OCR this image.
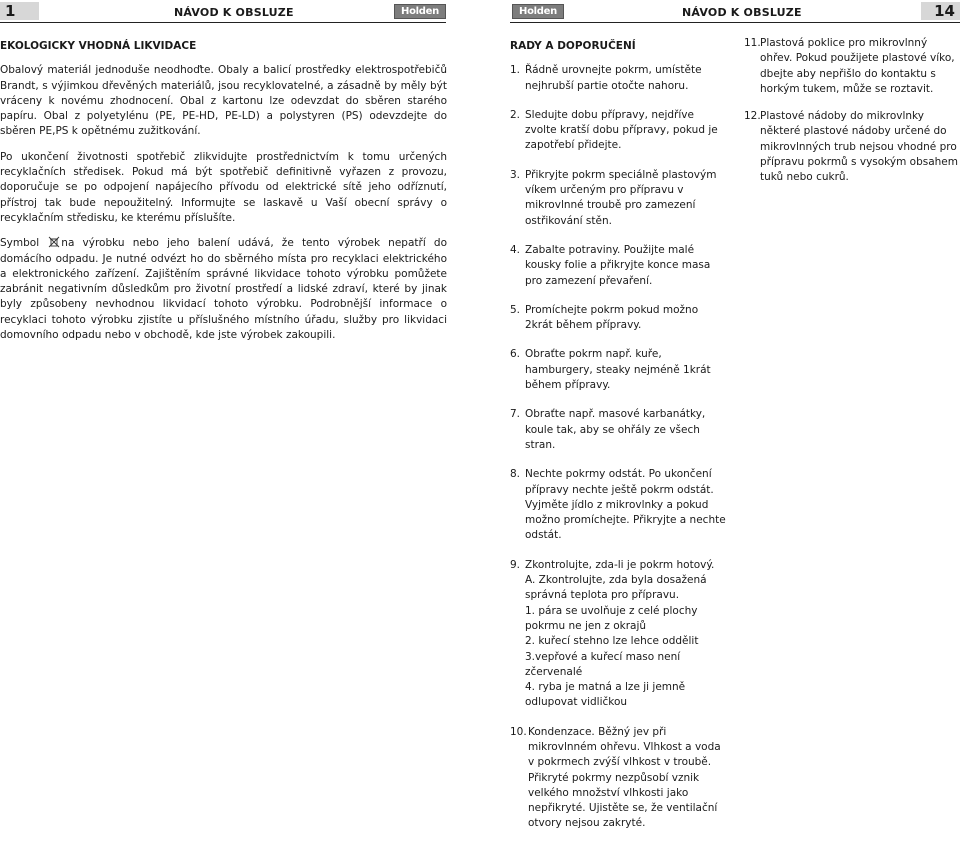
1	NÁVOD K OBSLUZE	Holden	Holden	NÁVOD K OBSLUZE	14

EKOLOGICKY VHODNÁ LIKVIDACE

Obalový materiál jednoduše neodhoďte. Obaly a balicí prostředky elektrospotřebičů Brandt, s výjimkou dřevěných materiálů, jsou recyklovatelné, a zásadně by měly být vráceny k novému zhodnocení. Obal z kartonu lze odevzdat do sběren starého papíru. Obal z polyetylénu (PE, PE-HD, PE-LD) a polystyren (PS) odevzdejte do sběren PE,PS k opětnému zužitkování.

Po ukončení životnosti spotřebič zlikvidujte prostřednictvím k tomu určených recyklačních středisek. Pokud má být spotřebič definitivně vyřazen z provozu, doporučuje se po odpojení napájecího přívodu od elektrické sítě jeho odříznutí, přístroj tak bude nepoužitelný. Informujte se laskavě u Vaší obecní správy o recyklačním středisku, ke kterému příslušíte.

Symbol na výrobku nebo jeho balení udává, že tento výrobek nepatří do domácího odpadu. Je nutné odvézt ho do sběrného místa pro recyklaci elektrického a elektronického zařízení. Zajištěním správné likvidace tohoto výrobku pomůžete zabránit negativním důsledkům pro životní prostředí a lidské zdraví, které by jinak byly způsobeny nevhodnou likvidací tohoto výrobku. Podrobnější informace o recyklaci tohoto výrobku zjistíte u příslušného místního úřadu, služby pro likvidaci domovního odpadu nebo v obchodě, kde jste výrobek zakoupili.

RADY A DOPORUČENÍ

1. Řádně urovnejte pokrm, umístěte nejhrubší partie otočte nahoru.
2. Sledujte dobu přípravy, nejdříve zvolte kratší dobu přípravy, pokud je zapotřebí přidejte.
3. Přikryjte pokrm speciálně plastovým víkem určeným pro přípravu v mikrovlnné troubě pro zamezení ostřikování stěn.
4. Zabalte potraviny. Použijte malé kousky folie a přikryjte konce masa pro zamezení převaření.
5. Promíchejte pokrm pokud možno 2krát během přípravy.
6. Obraťte pokrm např. kuře, hamburgery, steaky nejméně 1krát během přípravy.
7. Obraťte např. masové karbanátky, koule tak, aby se ohřály ze všech stran.
8. Nechte pokrmy odstát. Po ukončení přípravy nechte ještě pokrm odstát. Vyjměte jídlo z mikrovlnky a pokud možno promíchejte. Přikryjte a nechte odstát.
9. Zkontrolujte, zda-li je pokrm hotový.
A. Zkontrolujte, zda byla dosažená správná teplota pro přípravu.
1. pára se uvolňuje z celé plochy pokrmu ne jen z okrajů
2. kuřecí stehno lze lehce oddělit
3.vepřové a kuřecí maso není zčervenalé
4. ryba je matná a lze ji jemně odlupovat vidličkou
10. Kondenzace. Běžný jev při mikrovlnném ohřevu. Vlhkost a voda v pokrmech zvýší vlhkost v troubě. Přikryté pokrmy nezpůsobí vznik velkého množství vlhkosti jako nepřikryté. Ujistěte se, že ventilační otvory nejsou zakryté.
11. Plastová poklice pro mikrovlnný ohřev. Pokud použijete plastové víko, dbejte aby nepřišlo do kontaktu s horkým tukem, může se roztavit.
12. Plastové nádoby do mikrovlnky některé plastové nádoby určené do mikrovlnných trub nejsou vhodné pro přípravu pokrmů s vysokým obsahem tuků nebo cukrů.
